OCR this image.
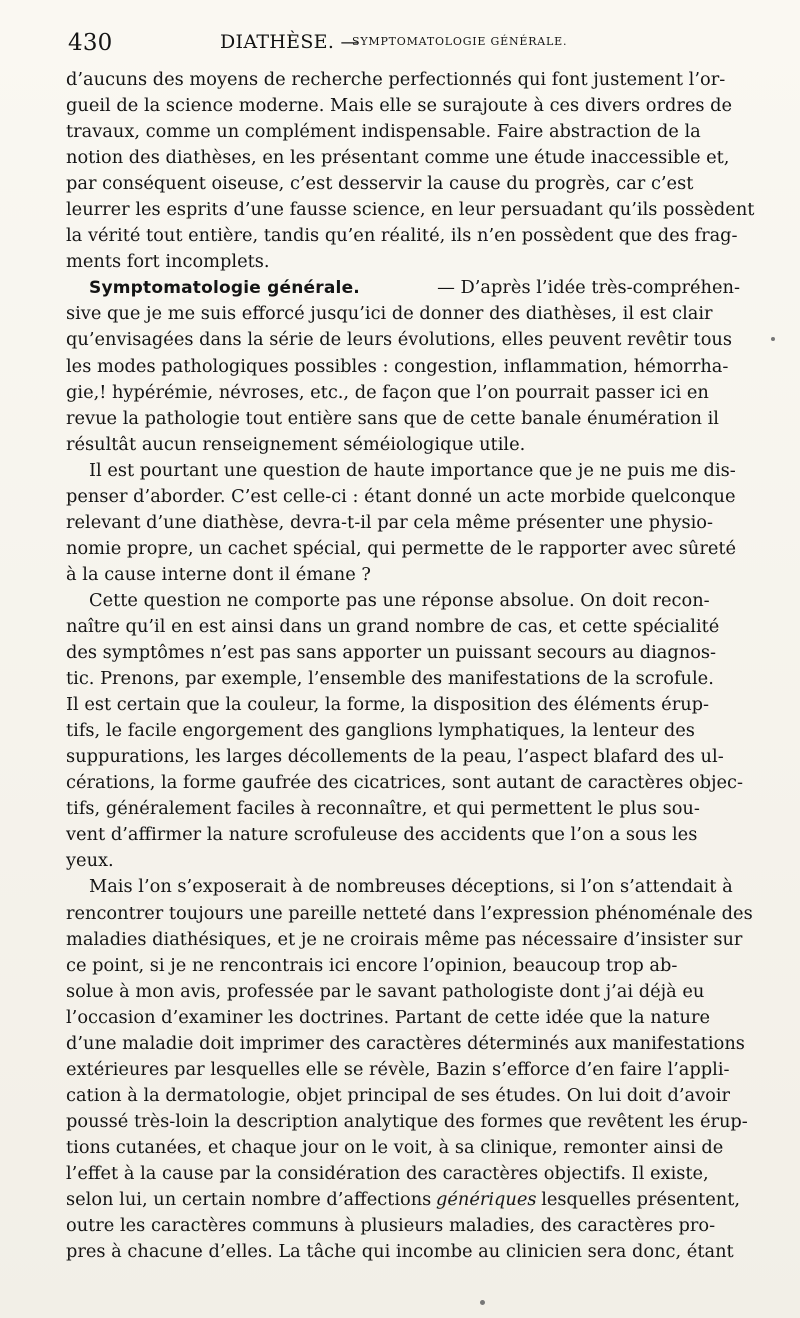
430	DIATHÈSE. —
SYMPTOMATOLOGIE GÉNÉRALE.
d’aucuns des moyens de recherche perfectionnés qui font justement l’or-
gueil de la science moderne. Mais elle se surajoute à ces divers ordres de
travaux, comme un complément indispensable. Faire abstraction de la
notion des diathèses, en les présentant comme une étude inaccessible et,
par conséquent oiseuse, c’est desservir la cause du progrès, car c’est
leurrer les esprits d’une fausse science, en leur persuadant qu’ils possèdent
la vérité tout entière, tandis qu’en réalité, ils n’en possèdent que des frag-
ments fort incomplets.
Symptomatologie générale.	— D’après l’idée très-compréhen-
sive que je me suis efforcé jusqu’ici de donner des diathèses, il est clair
qu’envisagées dans la série de leurs évolutions, elles peuvent revêtir tous
les modes pathologiques possibles : congestion, inflammation, hémorrha-
gie,! hypérémie, névroses, etc., de façon que l’on pourrait passer ici en
revue la pathologie tout entière sans que de cette banale énumération il
résultât aucun renseignement séméiologique utile.
Il est pourtant une question de haute importance que je ne puis me dis-
penser d’aborder. C’est celle-ci : étant donné un acte morbide quelconque
relevant d’une diathèse, devra-t-il par cela même présenter une physio-
nomie propre, un cachet spécial, qui permette de le rapporter avec sûreté
à la cause interne dont il émane ?
Cette question ne comporte pas une réponse absolue. On doit recon-
naître qu’il en est ainsi dans un grand nombre de cas, et cette spécialité
des symptômes n’est pas sans apporter un puissant secours au diagnos-
tic. Prenons, par exemple, l’ensemble des manifestations de la scrofule.
Il est certain que la couleur, la forme, la disposition des éléments érup-
tifs, le facile engorgement des ganglions lymphatiques, la lenteur des
suppurations, les larges décollements de la peau, l’aspect blafard des ul-
cérations, la forme gaufrée des cicatrices, sont autant de caractères objec-
tifs, généralement faciles à reconnaître, et qui permettent le plus sou-
vent d’affirmer la nature scrofuleuse des accidents que l’on a sous les
yeux.
Mais l’on s’exposerait à de nombreuses déceptions, si l’on s’attendait à
rencontrer toujours une pareille netteté dans l’expression phénoménale des
maladies diathésiques, et je ne croirais même pas nécessaire d’insister sur
ce point, si je ne rencontrais ici encore l’opinion, beaucoup trop ab-
solue à mon avis, professée par le savant pathologiste dont j’ai déjà eu
l’occasion d’examiner les doctrines. Partant de cette idée que la nature
d’une maladie doit imprimer des caractères déterminés aux manifestations
extérieures par lesquelles elle se révèle, Bazin s’efforce d’en faire l’appli-
cation à la dermatologie, objet principal de ses études. On lui doit d’avoir
poussé très-loin la description analytique des formes que revêtent les érup-
tions cutanées, et chaque jour on le voit, à sa clinique, remonter ainsi de
l’effet à la cause par la considération des caractères objectifs. Il existe,
selon lui, un certain nombre d’affections génériques lesquelles présentent,
outre les caractères communs à plusieurs maladies, des caractères pro-
pres à chacune d’elles. La tâche qui incombe au clinicien sera donc, étant
